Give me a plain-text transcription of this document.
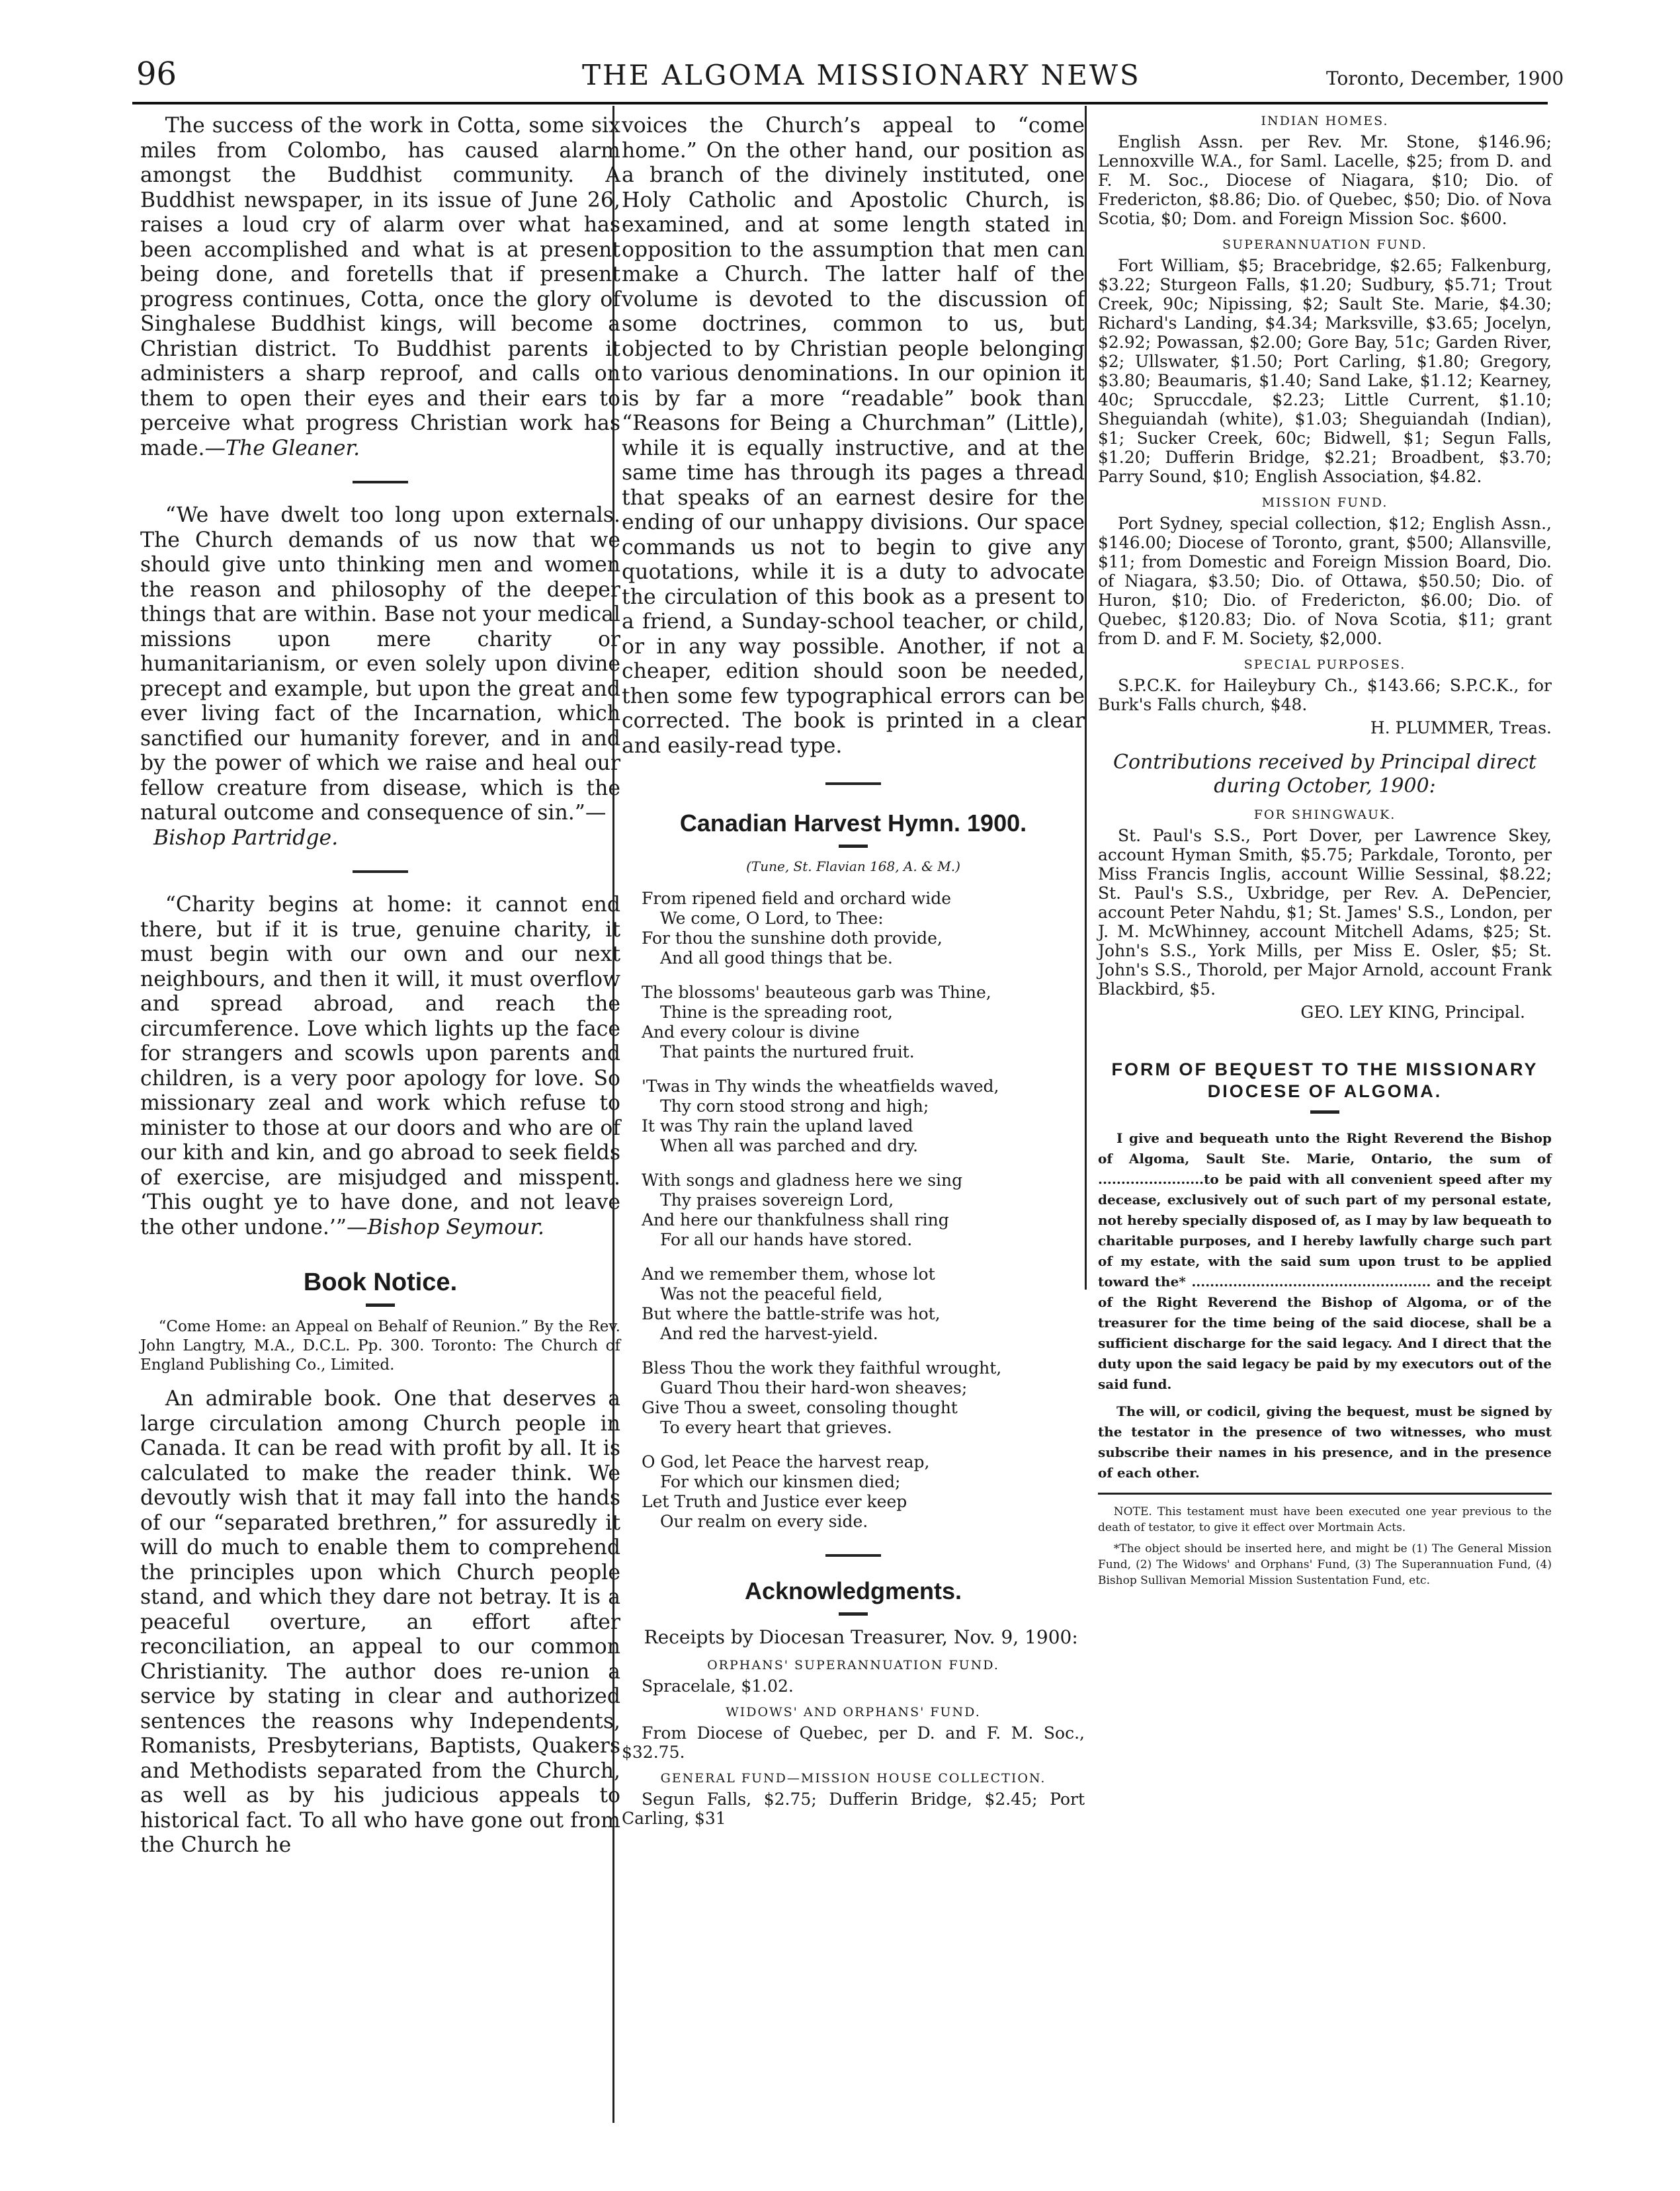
96	THE ALGOMA MISSIONARY NEWS	Toronto, December, 1900

The success of the work in Cotta, some six miles from Colombo, has caused alarm amongst the Buddhist community. A Buddhist newspaper, in its issue of June 26, raises a loud cry of alarm over what has been accomplished and what is at present being done, and foretells that if present progress continues, Cotta, once the glory of Singhalese Buddhist kings, will become a Christian district. To Buddhist parents it administers a sharp reproof, and calls on them to open their eyes and their ears to perceive what progress Christian work has made.—The Gleaner.

“We have dwelt too long upon externals. The Church demands of us now that we should give unto thinking men and women the reason and philosophy of the deeper things that are within. Base not your medical missions upon mere charity or humanitarianism, or even solely upon divine precept and example, but upon the great and ever living fact of the Incarnation, which sanctified our humanity forever, and in and by the power of which we raise and heal our fellow creature from disease, which is the natural outcome and consequence of sin.”—
Bishop Partridge.

“Charity begins at home: it cannot end there, but if it is true, genuine charity, it must begin with our own and our next neighbours, and then it will, it must overflow and spread abroad, and reach the circumference. Love which lights up the face for strangers and scowls upon parents and children, is a very poor apology for love. So missionary zeal and work which refuse to minister to those at our doors and who are of our kith and kin, and go abroad to seek fields of exercise, are misjudged and misspent. ‘This ought ye to have done, and not leave the other undone.’”—Bishop Seymour.

Book Notice.

“Come Home: an Appeal on Behalf of Reunion.” By the Rev. John Langtry, M.A., D.C.L. Pp. 300. Toronto: The Church of England Publishing Co., Limited.

An admirable book. One that deserves a large circulation among Church people in Canada. It can be read with profit by all. It is calculated to make the reader think. We devoutly wish that it may fall into the hands of our “separated brethren,” for assuredly it will do much to enable them to comprehend the principles upon which Church people stand, and which they dare not betray. It is a peaceful overture, an effort after reconciliation, an appeal to our common Christianity. The author does re-union a service by stating in clear and authorized sentences the reasons why Independents, Romanists, Presbyterians, Baptists, Quakers and Methodists separated from the Church, as well as by his judicious appeals to historical fact. To all who have gone out from the Church he

voices the Church’s appeal to “come home.” On the other hand, our position as a branch of the divinely instituted, one Holy Catholic and Apostolic Church, is examined, and at some length stated in opposition to the assumption that men can make a Church. The latter half of the volume is devoted to the discussion of some doctrines, common to us, but objected to by Christian people belonging to various denominations. In our opinion it is by far a more “readable” book than “Reasons for Being a Churchman” (Little), while it is equally instructive, and at the same time has through its pages a thread that speaks of an earnest desire for the ending of our unhappy divisions. Our space commands us not to begin to give any quotations, while it is a duty to advocate the circulation of this book as a present to a friend, a Sunday-school teacher, or child, or in any way possible. Another, if not a cheaper, edition should soon be needed, then some few typographical errors can be corrected. The book is printed in a clear and easily-read type.

Canadian Harvest Hymn. 1900.

(Tune, St. Flavian 168, A. & M.)

From ripened field and orchard wide
We come, O Lord, to Thee:
For thou the sunshine doth provide,
And all good things that be.
The blossoms' beauteous garb was Thine,
Thine is the spreading root,
And every colour is divine
That paints the nurtured fruit.
'Twas in Thy winds the wheatfields waved,
Thy corn stood strong and high;
It was Thy rain the upland laved
When all was parched and dry.
With songs and gladness here we sing
Thy praises sovereign Lord,
And here our thankfulness shall ring
For all our hands have stored.
And we remember them, whose lot
Was not the peaceful field,
But where the battle-strife was hot,
And red the harvest-yield.
Bless Thou the work they faithful wrought,
Guard Thou their hard-won sheaves;
Give Thou a sweet, consoling thought
To every heart that grieves.
O God, let Peace the harvest reap,
For which our kinsmen died;
Let Truth and Justice ever keep
Our realm on every side.

Acknowledgments.

Receipts by Diocesan Treasurer, Nov. 9, 1900:

ORPHANS' SUPERANNUATION FUND.

Spracelale, $1.02.

WIDOWS' AND ORPHANS' FUND.

From Diocese of Quebec, per D. and F. M. Soc., $32.75.

GENERAL FUND—MISSION HOUSE COLLECTION.

Segun Falls, $2.75; Dufferin Bridge, $2.45; Port Carling, $31

INDIAN HOMES.

English Assn. per Rev. Mr. Stone, $146.96; Lennoxville W.A., for Saml. Lacelle, $25; from D. and F. M. Soc., Diocese of Niagara, $10; Dio. of Fredericton, $8.86; Dio. of Quebec, $50; Dio. of Nova Scotia, $0; Dom. and Foreign Mission Soc. $600.

SUPERANNUATION FUND.

Fort William, $5; Bracebridge, $2.65; Falkenburg, $3.22; Sturgeon Falls, $1.20; Sudbury, $5.71; Trout Creek, 90c; Nipissing, $2; Sault Ste. Marie, $4.30; Richard's Landing, $4.34; Marksville, $3.65; Jocelyn, $2.92; Powassan, $2.00; Gore Bay, 51c; Garden River, $2; Ullswater, $1.50; Port Carling, $1.80; Gregory, $3.80; Beaumaris, $1.40; Sand Lake, $1.12; Kearney, 40c; Spruccdale, $2.23; Little Current, $1.10; Sheguiandah (white), $1.03; Sheguiandah (Indian), $1; Sucker Creek, 60c; Bidwell, $1; Segun Falls, $1.20; Dufferin Bridge, $2.21; Broadbent, $3.70; Parry Sound, $10; English Association, $4.82.

MISSION FUND.

Port Sydney, special collection, $12; English Assn., $146.00; Diocese of Toronto, grant, $500; Allansville, $11; from Domestic and Foreign Mission Board, Dio. of Niagara, $3.50; Dio. of Ottawa, $50.50; Dio. of Huron, $10; Dio. of Fredericton, $6.00; Dio. of Quebec, $120.83; Dio. of Nova Scotia, $11; grant from D. and F. M. Society, $2,000.

SPECIAL PURPOSES.

S.P.C.K. for Haileybury Ch., $143.66; S.P.C.K., for Burk's Falls church, $48.

H. PLUMMER, Treas.

Contributions received by Principal direct during October, 1900:

FOR SHINGWAUK.

St. Paul's S.S., Port Dover, per Lawrence Skey, account Hyman Smith, $5.75; Parkdale, Toronto, per Miss Francis Inglis, account Willie Sessinal, $8.22; St. Paul's S.S., Uxbridge, per Rev. A. DePencier, account Peter Nahdu, $1; St. James' S.S., London, per J. M. McWhinney, account Mitchell Adams, $25; St. John's S.S., York Mills, per Miss E. Osler, $5; St. John's S.S., Thorold, per Major Arnold, account Frank Blackbird, $5.

GEO. LEY KING, Principal.

FORM OF BEQUEST TO THE MISSIONARY DIOCESE OF ALGOMA.

I give and bequeath unto the Right Reverend the Bishop of Algoma, Sault Ste. Marie, Ontario, the sum of .......................to be paid with all convenient speed after my decease, exclusively out of such part of my personal estate, not hereby specially disposed of, as I may by law bequeath to charitable purposes, and I hereby lawfully charge such part of my estate, with the said sum upon trust to be applied toward the* .................................................... and the receipt of the Right Reverend the Bishop of Algoma, or of the treasurer for the time being of the said diocese, shall be a sufficient discharge for the said legacy. And I direct that the duty upon the said legacy be paid by my executors out of the said fund.

The will, or codicil, giving the bequest, must be signed by the testator in the presence of two witnesses, who must subscribe their names in his presence, and in the presence of each other.

NOTE. This testament must have been executed one year previous to the death of testator, to give it effect over Mortmain Acts.

*The object should be inserted here, and might be (1) The General Mission Fund, (2) The Widows' and Orphans' Fund, (3) The Superannuation Fund, (4) Bishop Sullivan Memorial Mission Sustentation Fund, etc.
